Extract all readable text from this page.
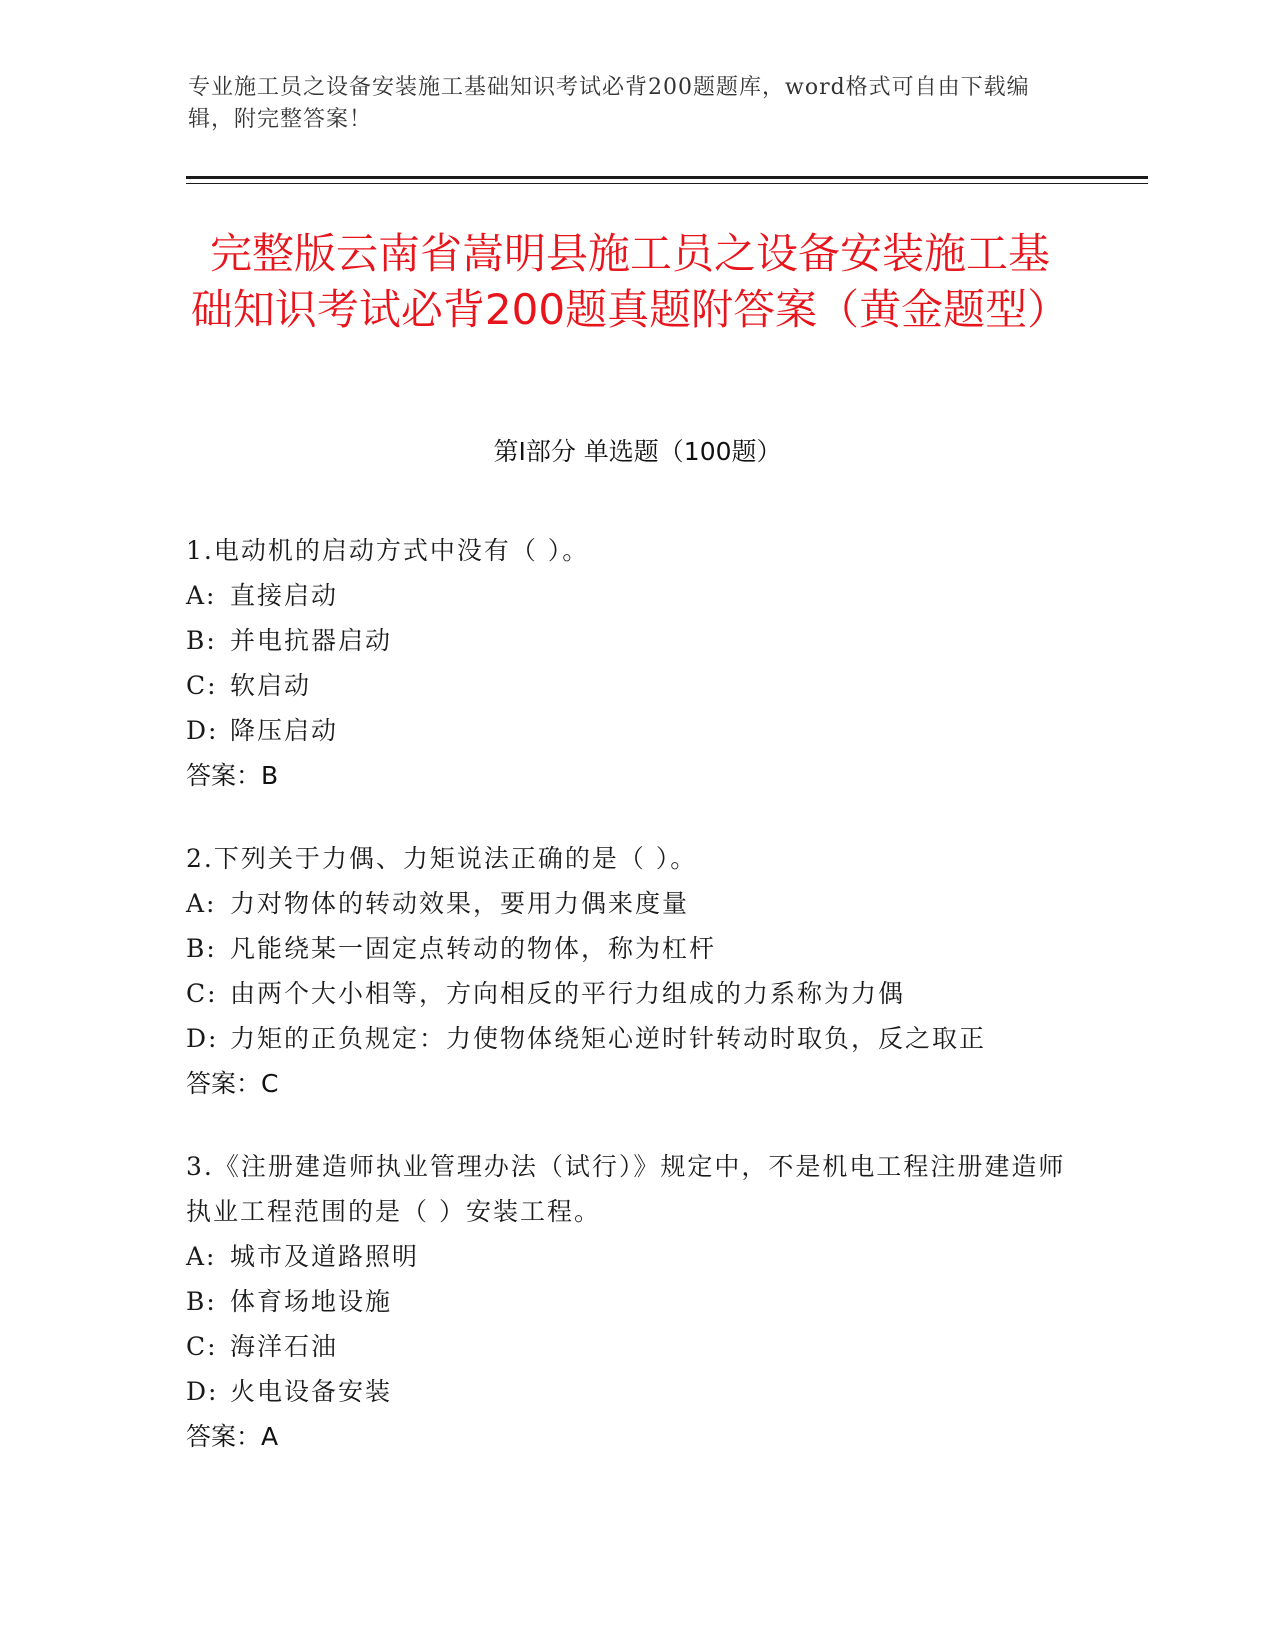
专业施工员之设备安装施工基础知识考试必背200题题库，word格式可自由下载编辑，附完整答案！
完整版云南省嵩明县施工员之设备安装施工基础知识考试必背200题真题附答案（黄金题型）
第Ⅰ部分 单选题（100题）
1.电动机的启动方式中没有（ ）。
A: 直接启动
B: 并电抗器启动
C: 软启动
D: 降压启动
答案：B
2.下列关于力偶、力矩说法正确的是（ ）。
A: 力对物体的转动效果，要用力偶来度量
B: 凡能绕某一固定点转动的物体，称为杠杆
C: 由两个大小相等，方向相反的平行力组成的力系称为力偶
D: 力矩的正负规定：力使物体绕矩心逆时针转动时取负，反之取正
答案：C
3.《注册建造师执业管理办法（试行）》规定中，不是机电工程注册建造师执业工程范围的是（ ）安装工程。
A: 城市及道路照明
B: 体育场地设施
C: 海洋石油
D: 火电设备安装
答案：A
